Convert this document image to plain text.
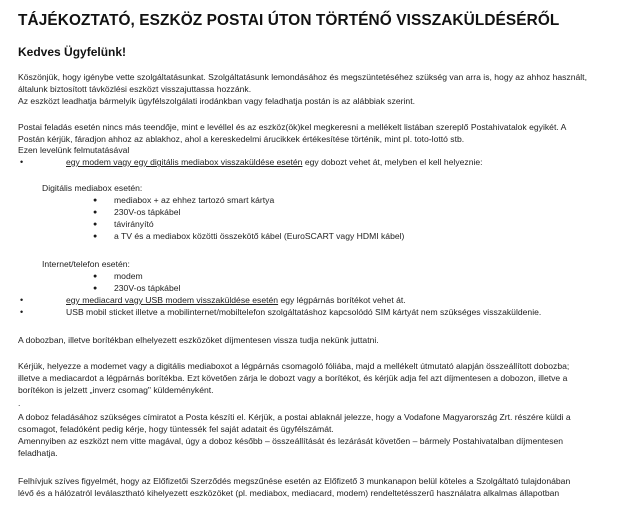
TÁJÉKOZTATÓ, ESZKÖZ POSTAI ÚTON TÖRTÉNŐ VISSZAKÜLDÉSÉRŐL
Kedves Ügyfelünk!
Köszönjük, hogy igénybe vette szolgáltatásunkat. Szolgáltatásunk lemondásához és megszüntetéséhez szükség van arra is, hogy az ahhoz használt,
általunk biztosított távközlési eszközt visszajuttassa hozzánk.
Az eszközt leadhatja bármelyik ügyfélszolgálati irodánkban vagy feladhatja postán is az alábbiak szerint.
Postai feladás esetén nincs más teendője, mint e levéllel és az eszköz(ök)kel megkeresni a mellékelt listában szereplő Postahivatalok egyikét. A
Postán kérjük, fáradjon ahhoz az ablakhoz, ahol a kereskedelmi árucikkek értékesítése történik, mint pl. toto-lottó stb.
Ezen levelünk felmutatásával
•	egy modem vagy egy digitális mediabox visszaküldése esetén egy dobozt vehet át, melyben el kell helyeznie:
Digitális mediabox esetén:
● mediabox + az ehhez tartozó smart kártya
● 230V-os tápkábel
● távirányító
● a TV és a mediabox közötti összekötő kábel (EuroSCART vagy HDMI kábel)
Internet/telefon esetén:
● modem
● 230V-os tápkábel
•	egy mediacard vagy USB modem visszaküldése esetén egy légpárnás borítékot vehet át.
•	USB mobil sticket illetve a mobilinternet/mobiltelefon szolgáltatáshoz kapcsolódó SIM kártyát nem szükséges visszaküldenie.
A dobozban, illetve borítékban elhelyezett eszközöket díjmentesen vissza tudja nekünk juttatni.
Kérjük, helyezze a modemet vagy a digitális mediaboxot a légpárnás csomagoló fóliába, majd a mellékelt útmutató alapján összeállított dobozba;
illetve a mediacardot a légpárnás borítékba. Ezt követően zárja le dobozt vagy a borítékot, és kérjük adja fel azt díjmentesen a dobozon, illetve a
borítékon is jelzett „inverz csomag" küldeményként.
.
A doboz feladásához szükséges címiratot a Posta készíti el. Kérjük, a postai ablaknál jelezze, hogy a Vodafone Magyarország Zrt. részére küldi a
csomagot, feladóként pedig kérje, hogy tüntessék fel saját adatait és ügyfélszámát.
Amennyiben az eszközt nem vitte magával, úgy a doboz később – összeállítását és lezárását követően – bármely Postahivatalban díjmentesen
feladhatja.
Felhívjuk szíves figyelmét, hogy az Előfizetői Szerződés megszűnése esetén az Előfizető 3 munkanapon belül köteles a Szolgáltató tulajdonában
lévő és a hálózatról leválasztható kihelyezett eszközöket (pl. mediabox, mediacard, modem) rendeltetésszerű használatra alkalmas állapotban
